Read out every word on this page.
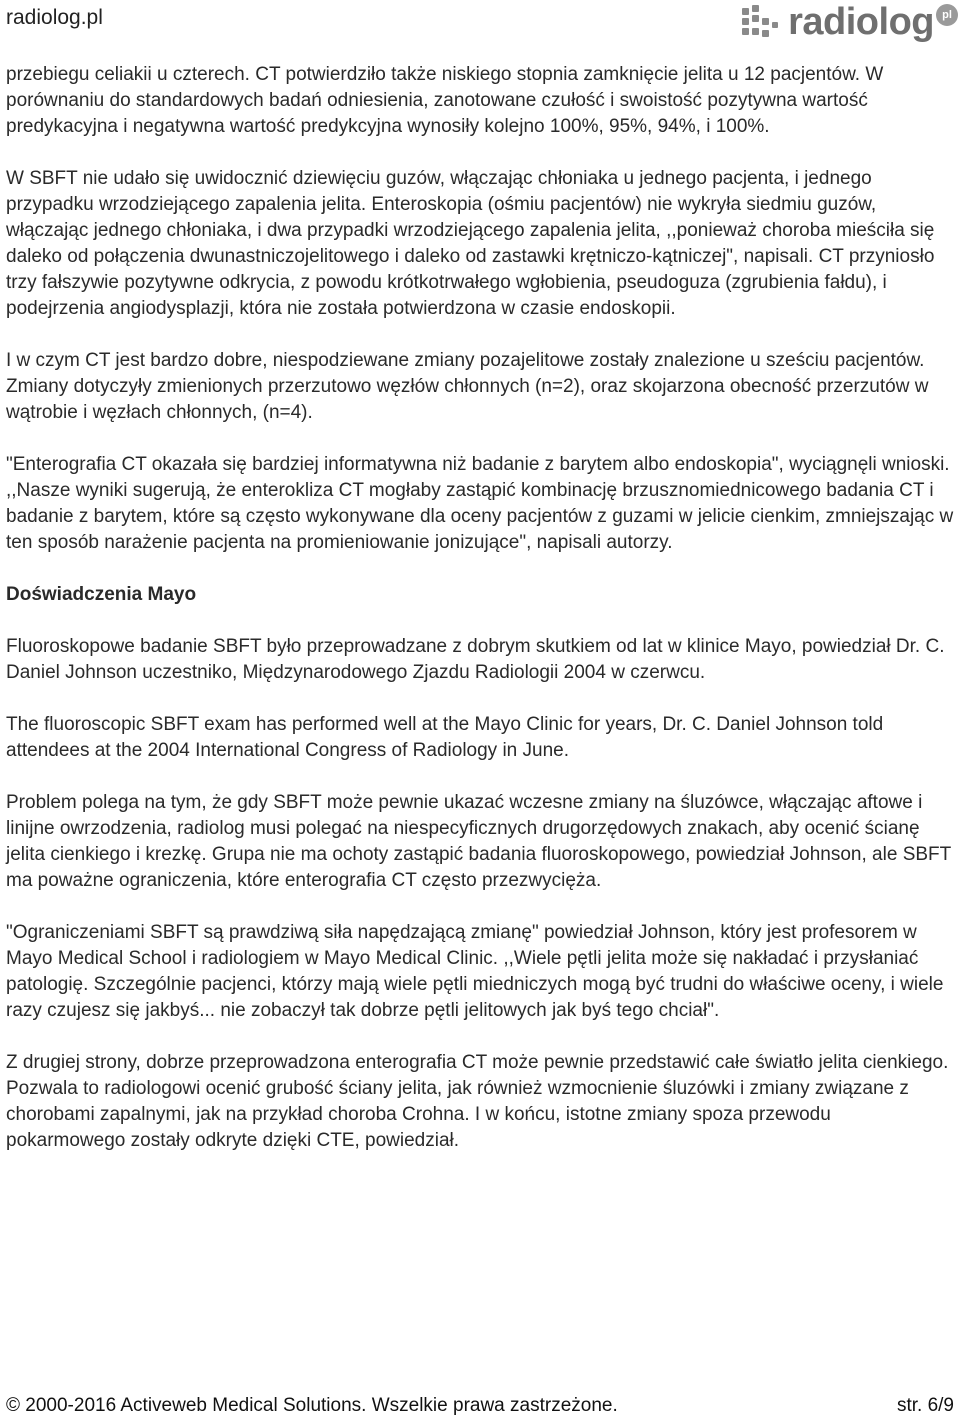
radiolog.pl	radiolog pl

przebiegu celiakii u czterech. CT potwierdziło także niskiego stopnia zamknięcie jelita u 12 pacjentów. W porównaniu do standardowych badań odniesienia, zanotowane czułość i swoistość pozytywna wartość predykacyjna i negatywna wartość predykcyjna wynosiły kolejno 100%, 95%, 94%, i 100%.

W SBFT nie udało się uwidocznić dziewięciu guzów, włączając chłoniaka u jednego pacjenta, i jednego przypadku wrzodziejącego zapalenia jelita. Enteroskopia (ośmiu pacjentów) nie wykryła siedmiu guzów, włączając jednego chłoniaka, i dwa przypadki wrzodziejącego zapalenia jelita, ,,ponieważ choroba mieściła się daleko od połączenia dwunastniczojelitowego i daleko od zastawki krętniczo-kątniczej", napisali. CT przyniosło trzy fałszywie pozytywne odkrycia, z powodu krótkotrwałego wgłobienia, pseudoguza (zgrubienia fałdu), i podejrzenia angiodysplazji, która nie została potwierdzona w czasie endoskopii.

I w czym CT jest bardzo dobre, niespodziewane zmiany pozajelitowe zostały znalezione u sześciu pacjentów. Zmiany dotyczyły zmienionych przerzutowo węzłów chłonnych (n=2), oraz skojarzona obecność przerzutów w wątrobie i węzłach chłonnych, (n=4).

"Enterografia CT okazała się bardziej informatywna niż badanie z barytem albo endoskopia", wyciągnęli wnioski. ,,Nasze wyniki sugerują, że enterokliza CT mogłaby zastąpić kombinację brzusznomiednicowego badania CT i badanie z barytem, które są często wykonywane dla oceny pacjentów z guzami w jelicie cienkim, zmniejszając w ten sposób narażenie pacjenta na promieniowanie jonizujące", napisali autorzy.

Doświadczenia Mayo

Fluoroskopowe badanie SBFT było przeprowadzane z dobrym skutkiem od lat w klinice Mayo, powiedział Dr. C. Daniel Johnson uczestniko, Międzynarodowego Zjazdu Radiologii 2004 w czerwcu.

The fluoroscopic SBFT exam has performed well at the Mayo Clinic for years, Dr. C. Daniel Johnson told attendees at the 2004 International Congress of Radiology in June.

Problem polega na tym, że gdy SBFT może pewnie ukazać wczesne zmiany na śluzówce, włączając aftowe i linijne owrzodzenia, radiolog musi polegać na niespecyficznych drugorzędowych znakach, aby ocenić ścianę jelita cienkiego i krezkę. Grupa nie ma ochoty zastąpić badania fluoroskopowego, powiedział Johnson, ale SBFT ma poważne ograniczenia, które enterografia CT często przezwycięża.

"Ograniczeniami SBFT są prawdziwą siła napędzającą zmianę" powiedział Johnson, który jest profesorem w Mayo Medical School i radiologiem w Mayo Medical Clinic. ,,Wiele pętli jelita może się nakładać i przysłaniać patologię. Szczególnie pacjenci, którzy mają wiele pętli miedniczych mogą być trudni do właściwe oceny, i wiele razy czujesz się jakbyś... nie zobaczył tak dobrze pętli jelitowych jak byś tego chciał".

Z drugiej strony, dobrze przeprowadzona enterografia CT może pewnie przedstawić całe światło jelita cienkiego. Pozwala to radiologowi ocenić grubość ściany jelita, jak również wzmocnienie śluzówki i zmiany związane z chorobami zapalnymi, jak na przykład choroba Crohna. I w końcu, istotne zmiany spoza przewodu pokarmowego zostały odkryte dzięki CTE, powiedział.

© 2000-2016 Activeweb Medical Solutions. Wszelkie prawa zastrzeżone.	str. 6/9
